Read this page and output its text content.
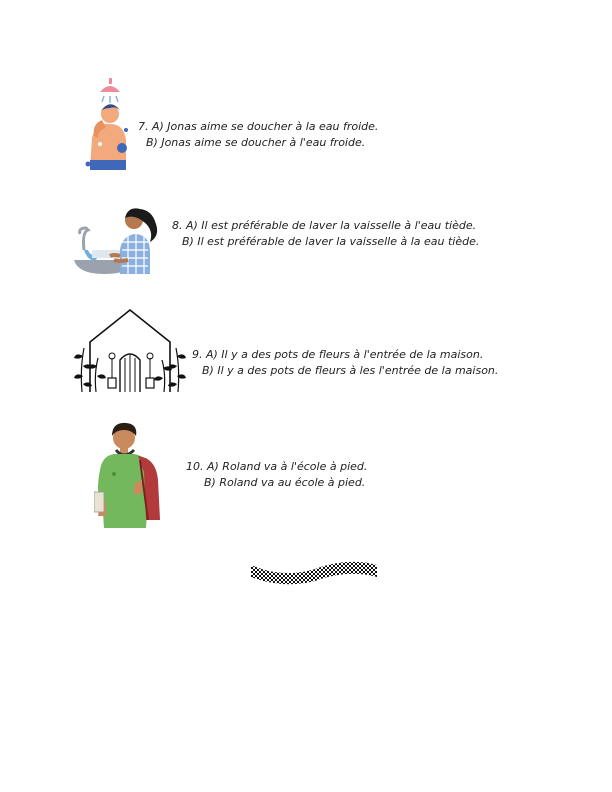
7. A) Jonas aime se doucher à la eau froide.
B) Jonas aime se doucher à l'eau froide.
8. A) Il est préférable de laver la vaisselle à l'eau tiède.
B) Il est préférable de laver la vaisselle à la eau tiède.
9. A) Il y a des pots de fleurs à l'entrée de la maison.
B) Il y a des pots de fleurs à les l'entrée de la maison.
10. A) Roland va à l'école à pied.
B) Roland va au école à pied.
